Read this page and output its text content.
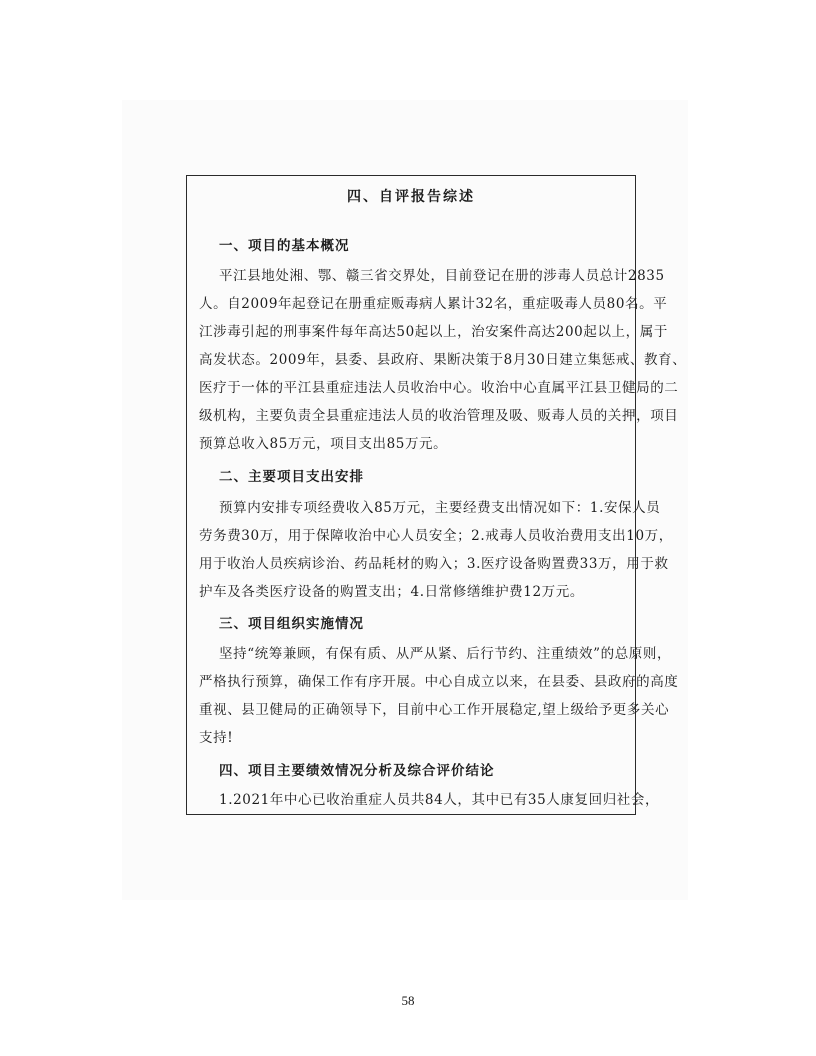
四、自评报告综述
一、项目的基本概况
平江县地处湘、鄂、赣三省交界处，目前登记在册的涉毒人员总计2835
人。自2009年起登记在册重症贩毒病人累计32名，重症吸毒人员80名。平
江涉毒引起的刑事案件每年高达50起以上，治安案件高达200起以上，属于
高发状态。2009年，县委、县政府、果断决策于8月30日建立集惩戒、教育、
医疗于一体的平江县重症违法人员收治中心。收治中心直属平江县卫健局的二
级机构，主要负责全县重症违法人员的收治管理及吸、贩毒人员的关押，项目
预算总收入85万元，项目支出85万元。
二、主要项目支出安排
预算内安排专项经费收入85万元，主要经费支出情况如下：1.安保人员
劳务费30万，用于保障收治中心人员安全；2.戒毒人员收治费用支出10万，
用于收治人员疾病诊治、药品耗材的购入；3.医疗设备购置费33万，用于救
护车及各类医疗设备的购置支出；4.日常修缮维护费12万元。
三、项目组织实施情况
坚持“统筹兼顾，有保有质、从严从紧、后行节约、注重绩效”的总原则，
严格执行预算，确保工作有序开展。中心自成立以来，在县委、县政府的高度
重视、县卫健局的正确领导下，目前中心工作开展稳定,望上级给予更多关心
支持!
四、项目主要绩效情况分析及综合评价结论
1.2021年中心已收治重症人员共84人，其中已有35人康复回归社会，
58
